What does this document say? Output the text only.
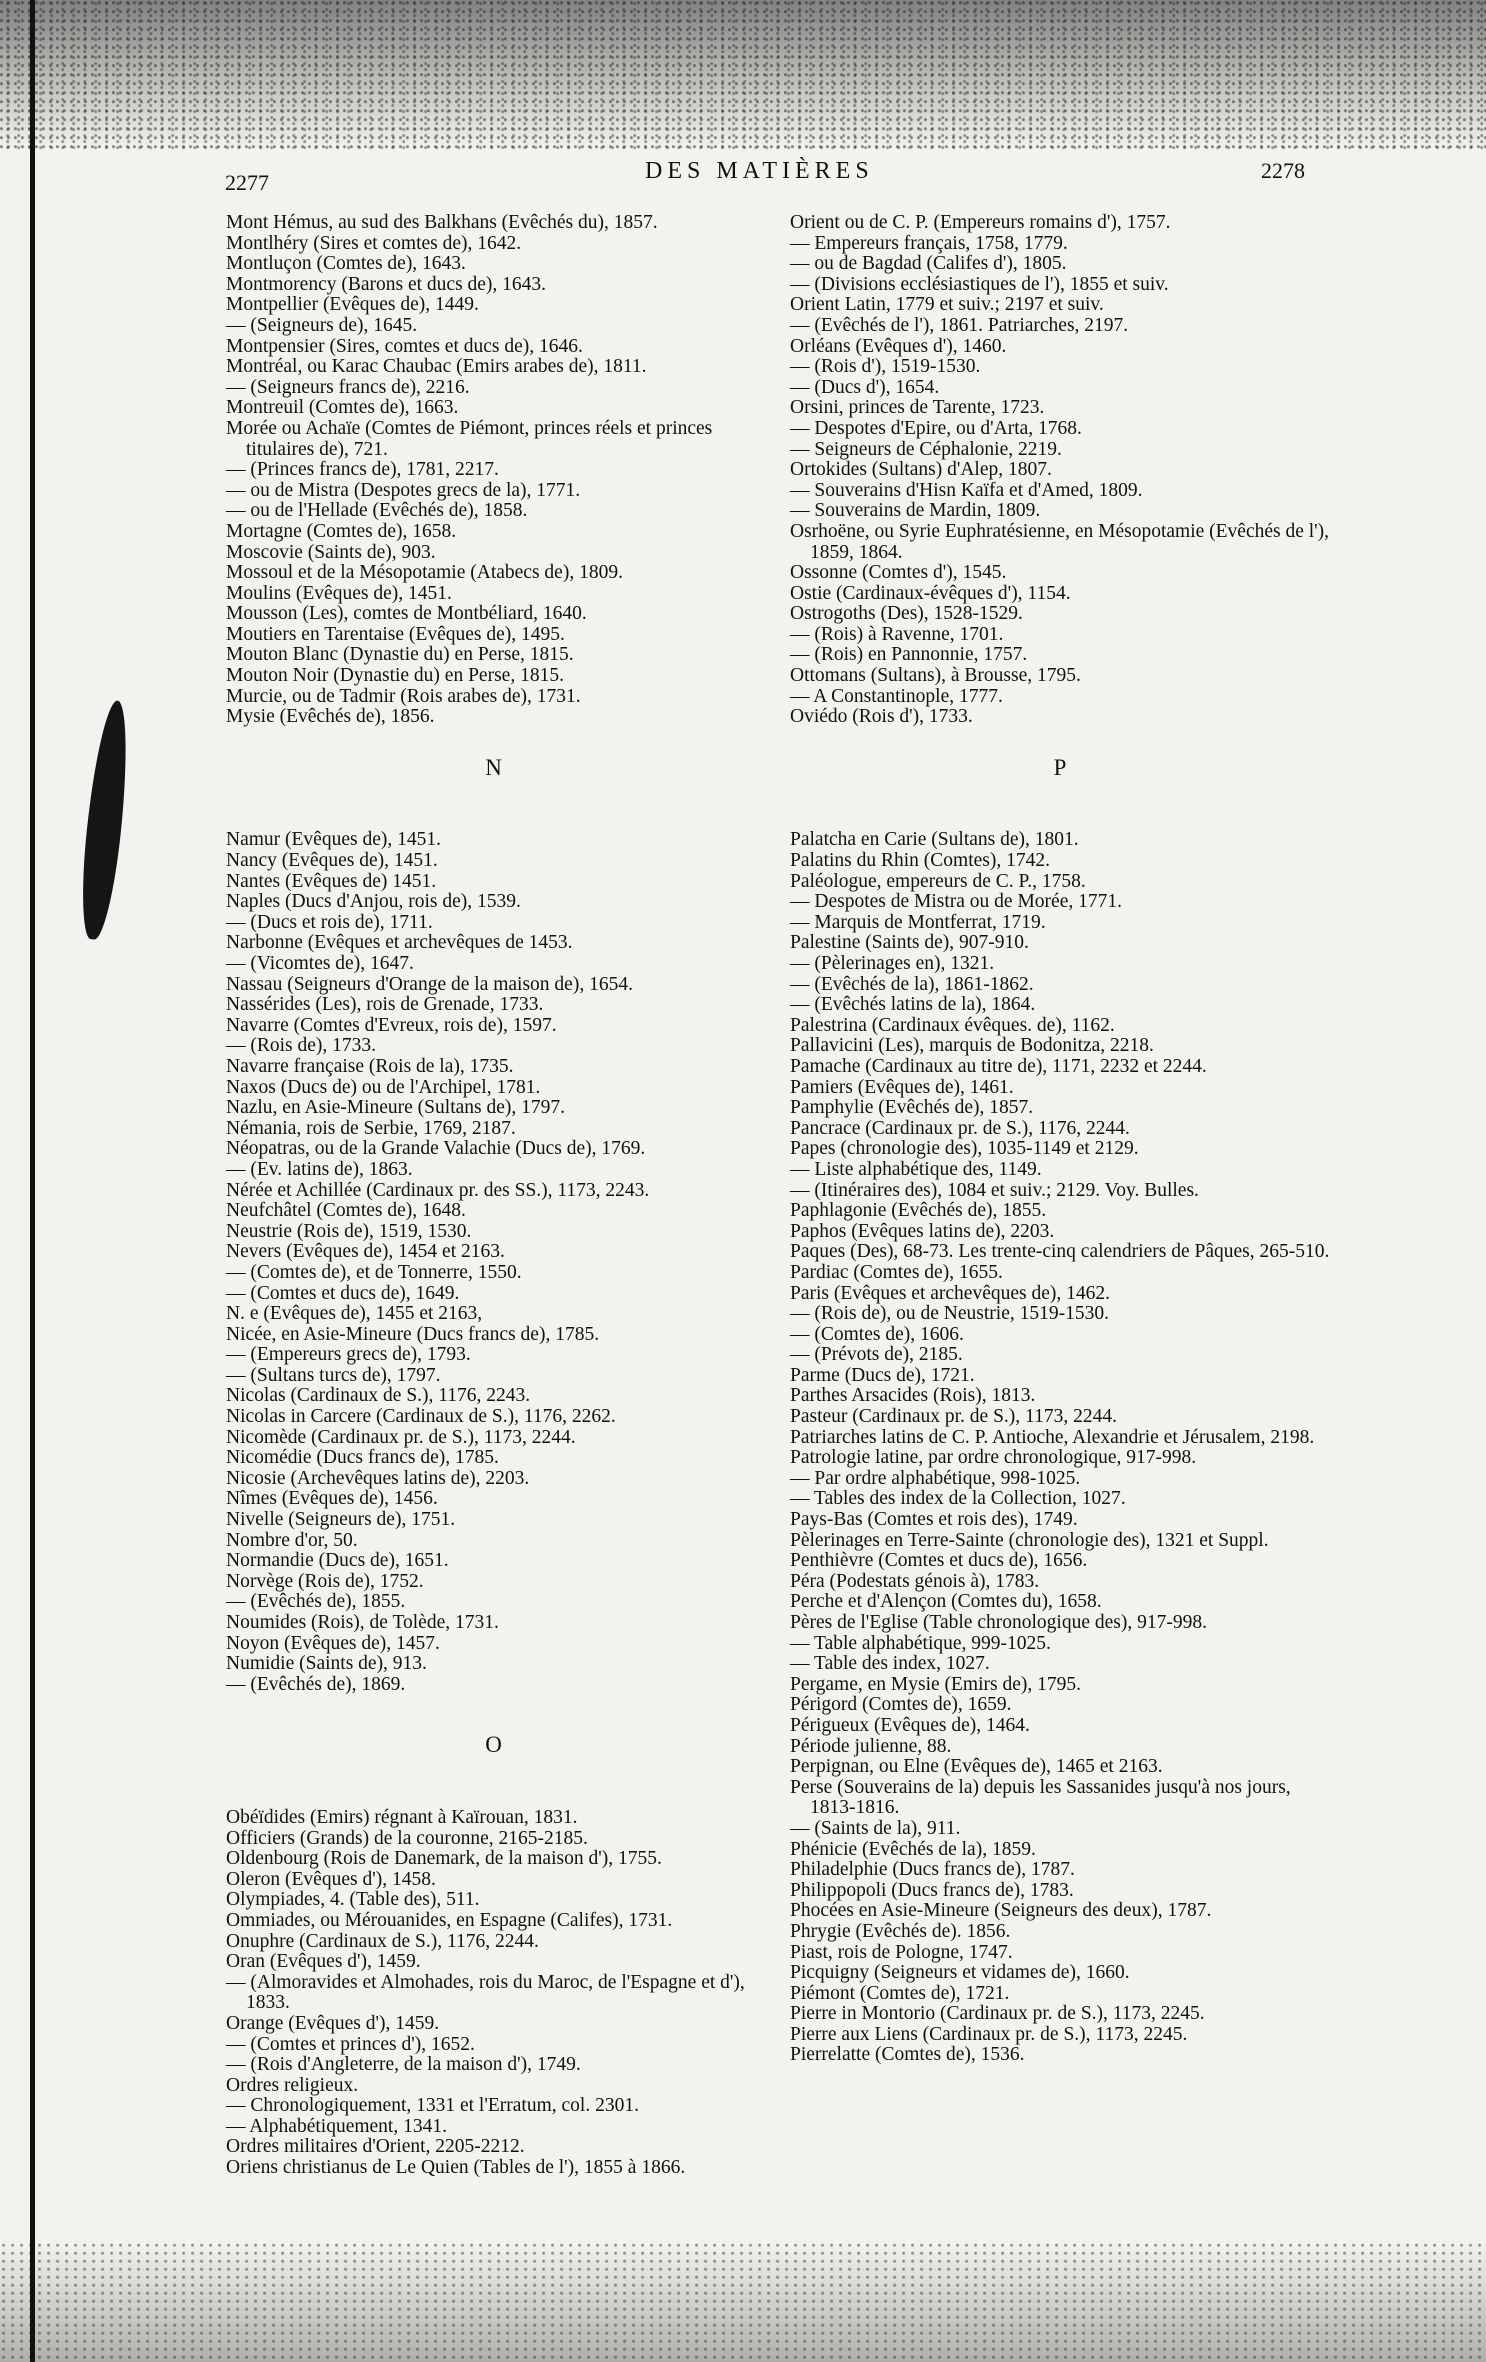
2277	DES MATIÈRES	2278

Mont Hémus, au sud des Balkhans (Evêchés du), 1857.

Montlhéry (Sires et comtes de), 1642.

Montluçon (Comtes de), 1643.

Montmorency (Barons et ducs de), 1643.

Montpellier (Evêques de), 1449.

— (Seigneurs de), 1645.

Montpensier (Sires, comtes et ducs de), 1646.

Montréal, ou Karac Chaubac (Emirs arabes de), 1811.

— (Seigneurs francs de), 2216.

Montreuil (Comtes de), 1663.

Morée ou Achaïe (Comtes de Piémont, princes réels et princes titulaires de), 721.

— (Princes francs de), 1781, 2217.

— ou de Mistra (Despotes grecs de la), 1771.

— ou de l'Hellade (Evêchés de), 1858.

Mortagne (Comtes de), 1658.

Moscovie (Saints de), 903.

Mossoul et de la Mésopotamie (Atabecs de), 1809.

Moulins (Evêques de), 1451.

Mousson (Les), comtes de Montbéliard, 1640.

Moutiers en Tarentaise (Evêques de), 1495.

Mouton Blanc (Dynastie du) en Perse, 1815.

Mouton Noir (Dynastie du) en Perse, 1815.

Murcie, ou de Tadmir (Rois arabes de), 1731.

Mysie (Evêchés de), 1856.

N

Namur (Evêques de), 1451.

Nancy (Evêques de), 1451.

Nantes (Evêques de) 1451.

Naples (Ducs d'Anjou, rois de), 1539.

— (Ducs et rois de), 1711.

Narbonne (Evêques et archevêques de 1453.

— (Vicomtes de), 1647.

Nassau (Seigneurs d'Orange de la maison de), 1654.

Nassérides (Les), rois de Grenade, 1733.

Navarre (Comtes d'Evreux, rois de), 1597.

— (Rois de), 1733.

Navarre française (Rois de la), 1735.

Naxos (Ducs de) ou de l'Archipel, 1781.

Nazlu, en Asie-Mineure (Sultans de), 1797.

Némania, rois de Serbie, 1769, 2187.

Néopatras, ou de la Grande Valachie (Ducs de), 1769.

— (Ev. latins de), 1863.

Nérée et Achillée (Cardinaux pr. des SS.), 1173, 2243.

Neufchâtel (Comtes de), 1648.

Neustrie (Rois de), 1519, 1530.

Nevers (Evêques de), 1454 et 2163.

— (Comtes de), et de Tonnerre, 1550.

— (Comtes et ducs de), 1649.

N. e (Evêques de), 1455 et 2163,

Nicée, en Asie-Mineure (Ducs francs de), 1785.

— (Empereurs grecs de), 1793.

— (Sultans turcs de), 1797.

Nicolas (Cardinaux de S.), 1176, 2243.

Nicolas in Carcere (Cardinaux de S.), 1176, 2262.

Nicomède (Cardinaux pr. de S.), 1173, 2244.

Nicomédie (Ducs francs de), 1785.

Nicosie (Archevêques latins de), 2203.

Nîmes (Evêques de), 1456.

Nivelle (Seigneurs de), 1751.

Nombre d'or, 50.

Normandie (Ducs de), 1651.

Norvège (Rois de), 1752.

— (Evêchés de), 1855.

Noumides (Rois), de Tolède, 1731.

Noyon (Evêques de), 1457.

Numidie (Saints de), 913.

— (Evêchés de), 1869.

O

Obéïdides (Emirs) régnant à Kaïrouan, 1831.

Officiers (Grands) de la couronne, 2165-2185.

Oldenbourg (Rois de Danemark, de la maison d'), 1755.

Oleron (Evêques d'), 1458.

Olympiades, 4. (Table des), 511.

Ommiades, ou Mérouanides, en Espagne (Califes), 1731.

Onuphre (Cardinaux de S.), 1176, 2244.

Oran (Evêques d'), 1459.

— (Almoravides et Almohades, rois du Maroc, de l'Espagne et d'), 1833.

Orange (Evêques d'), 1459.

— (Comtes et princes d'), 1652.

— (Rois d'Angleterre, de la maison d'), 1749.

Ordres religieux.

— Chronologiquement, 1331 et l'Erratum, col. 2301.

— Alphabétiquement, 1341.

Ordres militaires d'Orient, 2205-2212.

Oriens christianus de Le Quien (Tables de l'), 1855 à 1866.

Orient ou de C. P. (Empereurs romains d'), 1757.

— Empereurs français, 1758, 1779.

— ou de Bagdad (Califes d'), 1805.

— (Divisions ecclésiastiques de l'), 1855 et suiv.

Orient Latin, 1779 et suiv.; 2197 et suiv.

— (Evêchés de l'), 1861. Patriarches, 2197.

Orléans (Evêques d'), 1460.

— (Rois d'), 1519-1530.

— (Ducs d'), 1654.

Orsini, princes de Tarente, 1723.

— Despotes d'Epire, ou d'Arta, 1768.

— Seigneurs de Céphalonie, 2219.

Ortokides (Sultans) d'Alep, 1807.

— Souverains d'Hisn Kaïfa et d'Amed, 1809.

— Souverains de Mardin, 1809.

Osrhoëne, ou Syrie Euphratésienne, en Mésopotamie (Evêchés de l'), 1859, 1864.

Ossonne (Comtes d'), 1545.

Ostie (Cardinaux-évêques d'), 1154.

Ostrogoths (Des), 1528-1529.

— (Rois) à Ravenne, 1701.

— (Rois) en Pannonnie, 1757.

Ottomans (Sultans), à Brousse, 1795.

— A Constantinople, 1777.

Oviédo (Rois d'), 1733.

P

Palatcha en Carie (Sultans de), 1801.

Palatins du Rhin (Comtes), 1742.

Paléologue, empereurs de C. P., 1758.

— Despotes de Mistra ou de Morée, 1771.

— Marquis de Montferrat, 1719.

Palestine (Saints de), 907-910.

— (Pèlerinages en), 1321.

— (Evêchés de la), 1861-1862.

— (Evêchés latins de la), 1864.

Palestrina (Cardinaux évêques. de), 1162.

Pallavicini (Les), marquis de Bodonitza, 2218.

Pamache (Cardinaux au titre de), 1171, 2232 et 2244.

Pamiers (Evêques de), 1461.

Pamphylie (Evêchés de), 1857.

Pancrace (Cardinaux pr. de S.), 1176, 2244.

Papes (chronologie des), 1035-1149 et 2129.

— Liste alphabétique des, 1149.

— (Itinéraires des), 1084 et suiv.; 2129. Voy. Bulles.

Paphlagonie (Evêchés de), 1855.

Paphos (Evêques latins de), 2203.

Paques (Des), 68-73. Les trente-cinq calendriers de Pâques, 265-510.

Pardiac (Comtes de), 1655.

Paris (Evêques et archevêques de), 1462.

— (Rois de), ou de Neustrie, 1519-1530.

— (Comtes de), 1606.

— (Prévots de), 2185.

Parme (Ducs de), 1721.

Parthes Arsacides (Rois), 1813.

Pasteur (Cardinaux pr. de S.), 1173, 2244.

Patriarches latins de C. P. Antioche, Alexandrie et Jérusalem, 2198.

Patrologie latine, par ordre chronologique, 917-998.

— Par ordre alphabétique, 998-1025.

— Tables des index de la Collection, 1027.

Pays-Bas (Comtes et rois des), 1749.

Pèlerinages en Terre-Sainte (chronologie des), 1321 et Suppl.

Penthièvre (Comtes et ducs de), 1656.

Péra (Podestats génois à), 1783.

Perche et d'Alençon (Comtes du), 1658.

Pères de l'Eglise (Table chronologique des), 917-998.

— Table alphabétique, 999-1025.

— Table des index, 1027.

Pergame, en Mysie (Emirs de), 1795.

Périgord (Comtes de), 1659.

Périgueux (Evêques de), 1464.

Période julienne, 88.

Perpignan, ou Elne (Evêques de), 1465 et 2163.

Perse (Souverains de la) depuis les Sassanides jusqu'à nos jours, 1813-1816.

— (Saints de la), 911.

Phénicie (Evêchés de la), 1859.

Philadelphie (Ducs francs de), 1787.

Philippopoli (Ducs francs de), 1783.

Phocées en Asie-Mineure (Seigneurs des deux), 1787.

Phrygie (Evêchés de). 1856.

Piast, rois de Pologne, 1747.

Picquigny (Seigneurs et vidames de), 1660.

Piémont (Comtes de), 1721.

Pierre in Montorio (Cardinaux pr. de S.), 1173, 2245.

Pierre aux Liens (Cardinaux pr. de S.), 1173, 2245.

Pierrelatte (Comtes de), 1536.
